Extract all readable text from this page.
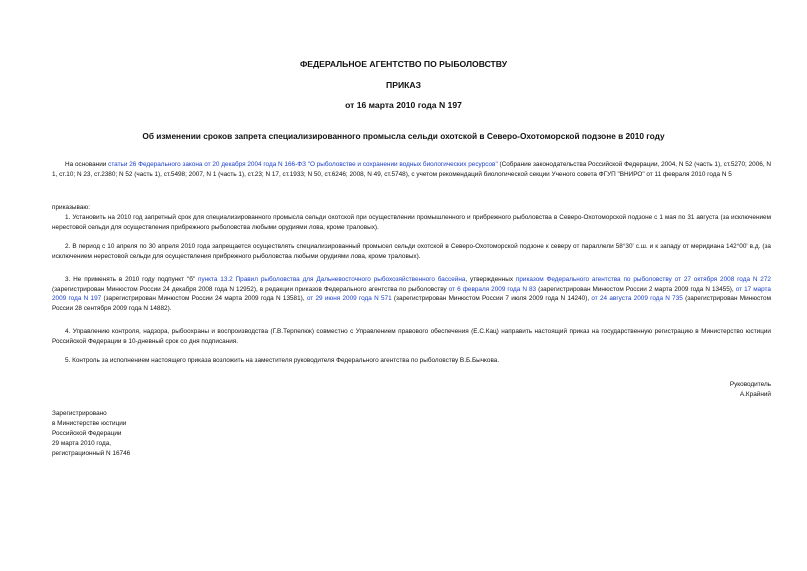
ФЕДЕРАЛЬНОЕ АГЕНТСТВО ПО РЫБОЛОВСТВУ
ПРИКАЗ
от 16 марта 2010 года N 197
Об изменении сроков запрета специализированного промысла сельди охотской в Северо-Охотоморской подзоне в 2010 году
На основании статьи 26 Федерального закона от 20 декабря 2004 года N 166-ФЗ "О рыболовстве и сохранении водных биологических ресурсов" (Собрание законодательства Российской Федерации, 2004, N 52 (часть 1), ст.5270; 2006, N 1, ст.10; N 23, ст.2380; N 52 (часть 1), ст.5498; 2007, N 1 (часть 1), ст.23; N 17, ст.1933; N 50, ст.6246; 2008, N 49, ст.5748), с учетом рекомендаций биологической секции Ученого совета ФГУП "ВНИРО" от 11 февраля 2010 года N 5
приказываю:
1. Установить на 2010 год запретный срок для специализированного промысла сельди охотской при осуществлении промышленного и прибрежного рыболовства в Северо-Охотоморской подзоне с 1 мая по 31 августа (за исключением нерестовой сельди для осуществления прибрежного рыболовства любыми орудиями лова, кроме траловых).
2. В период с 10 апреля по 30 апреля 2010 года запрещается осуществлять специализированный промысел сельди охотской в Северо-Охотоморской подзоне к северу от параллели 58°30' с.ш. и к западу от меридиана 142°00' в.д. (за исключением нерестовой сельди для осуществления прибрежного рыболовства любыми орудиями лова, кроме траловых).
3. Не применять в 2010 году подпункт "б" пункта 13.2 Правил рыболовства для Дальневосточного рыбохозяйственного бассейна, утвержденных приказом Федерального агентства по рыболовству от 27 октября 2008 года N 272 (зарегистрирован Минюстом России 24 декабря 2008 года N 12952), в редакции приказов Федерального агентства по рыболовству от 6 февраля 2009 года N 83 (зарегистрирован Минюстом России 2 марта 2009 года N 13455), от 17 марта 2009 года N 197 (зарегистрирован Минюстом России 24 марта 2009 года N 13581), от 29 июня 2009 года N 571 (зарегистрирован Минюстом России 7 июля 2009 года N 14240), от 24 августа 2009 года N 735 (зарегистрирован Минюстом России 28 сентября 2009 года N 14882).
4. Управлению контроля, надзора, рыбоохраны и воспроизводства (Г.В.Терпелюк) совместно с Управлением правового обеспечения (Е.С.Кац) направить настоящий приказ на государственную регистрацию в Министерство юстиции Российской Федерации в 10-дневный срок со дня подписания.
5. Контроль за исполнением настоящего приказа возложить на заместителя руководителя Федерального агентства по рыболовству В.Б.Бычкова.
Руководитель
А.Крайний
Зарегистрировано
в Министерстве юстиции
Российской Федерации
29 марта 2010 года,
регистрационный N 16746
